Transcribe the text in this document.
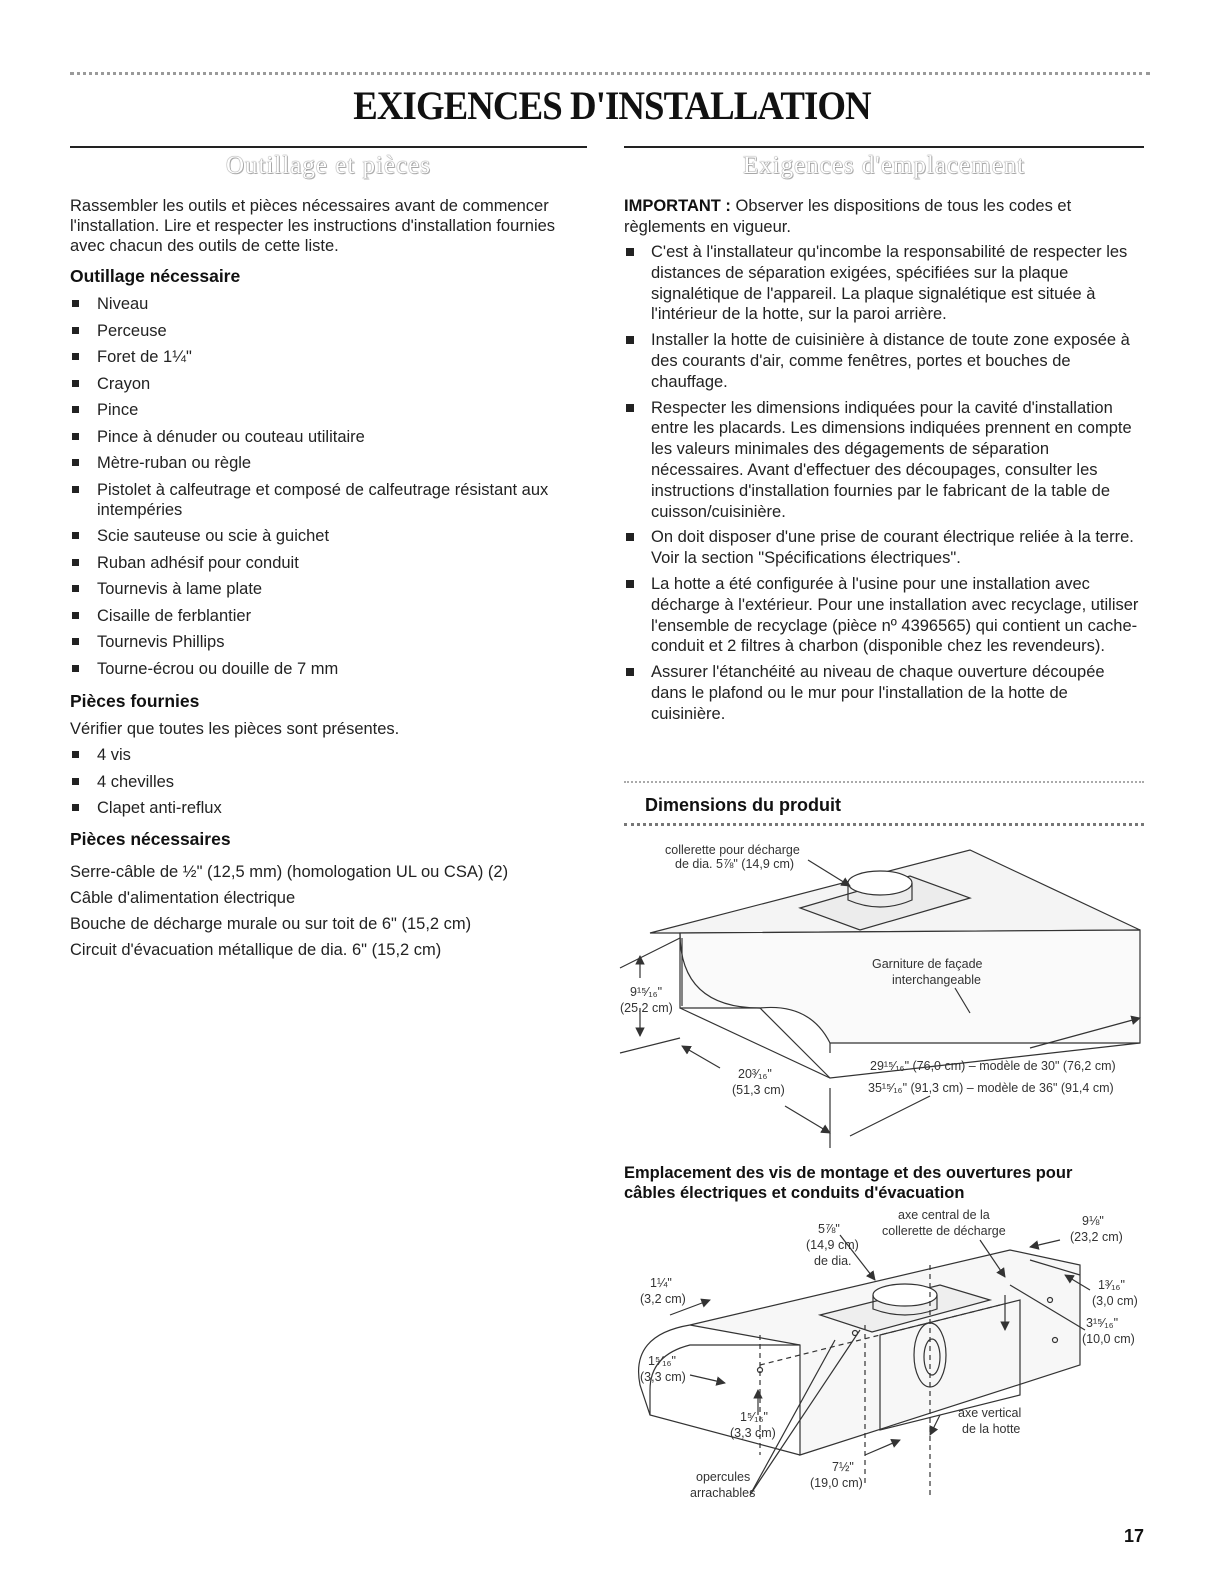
EXIGENCES D'INSTALLATION
Outillage et pièces
Rassembler les outils et pièces nécessaires avant de commencer l'installation. Lire et respecter les instructions d'installation fournies avec chacun des outils de cette liste.
Outillage nécessaire
Niveau
Perceuse
Foret de 1¼"
Crayon
Pince
Pince à dénuder ou couteau utilitaire
Mètre-ruban ou règle
Pistolet à calfeutrage et composé de calfeutrage résistant aux intempéries
Scie sauteuse ou scie à guichet
Ruban adhésif pour conduit
Tournevis à lame plate
Cisaille de ferblantier
Tournevis Phillips
Tourne-écrou ou douille de 7 mm
Pièces fournies
Vérifier que toutes les pièces sont présentes.
4 vis
4 chevilles
Clapet anti-reflux
Pièces nécessaires

Serre-câble de ½" (12,5 mm) (homologation UL ou CSA) (2)

Câble d'alimentation électrique

Bouche de décharge murale ou sur toit de 6" (15,2 cm)

Circuit d'évacuation métallique de dia. 6" (15,2 cm)

Exigences d'emplacement
IMPORTANT : Observer les dispositions de tous les codes et règlements en vigueur.
C'est à l'installateur qu'incombe la responsabilité de respecter les distances de séparation exigées, spécifiées sur la plaque signalétique de l'appareil. La plaque signalétique est située à l'intérieur de la hotte, sur la paroi arrière.
Installer la hotte de cuisinière à distance de toute zone exposée à des courants d'air, comme fenêtres, portes et bouches de chauffage.
Respecter les dimensions indiquées pour la cavité d'installation entre les placards. Les dimensions indiquées prennent en compte les valeurs minimales des dégagements de séparation nécessaires. Avant d'effectuer des découpages, consulter les instructions d'installation fournies par le fabricant de la table de cuisson/cuisinière.
On doit disposer d'une prise de courant électrique reliée à la terre. Voir la section "Spécifications électriques".
La hotte a été configurée à l'usine pour une installation avec décharge à l'extérieur. Pour une installation avec recyclage, utiliser l'ensemble de recyclage (pièce nº 4396565) qui contient un cache-conduit et 2 filtres à charbon (disponible chez les revendeurs).
Assurer l'étanchéité au niveau de chaque ouverture découpée dans le plafond ou le mur pour l'installation de la hotte de cuisinière.
Dimensions du produit
collerette pour décharge
de dia. 5⅞" (14,9 cm)
Garniture de façade
interchangeable
9¹⁵⁄₁₆"
(25,2 cm)
20³⁄₁₆"
(51,3 cm)
29¹⁵⁄₁₆" (76,0 cm) – modèle de 30" (76,2 cm)
35¹⁵⁄₁₆" (91,3 cm) – modèle de 36" (91,4 cm)
Emplacement des vis de montage et des ouvertures pour
câbles électriques et conduits d'évacuation
axe central de la
collerette de décharge
5⅞"
(14,9 cm)
de dia.
1¼"
(3,2 cm)
1⁵⁄₁₆"
(3,3 cm)
1⁵⁄₁₆"
(3,3 cm)
9⅛"
(23,2 cm)
1³⁄₁₆"
(3,0 cm)
3¹⁵⁄₁₆"
(10,0 cm)
axe vertical
de la hotte
7½"
(19,0 cm)
opercules
arrachables
17
